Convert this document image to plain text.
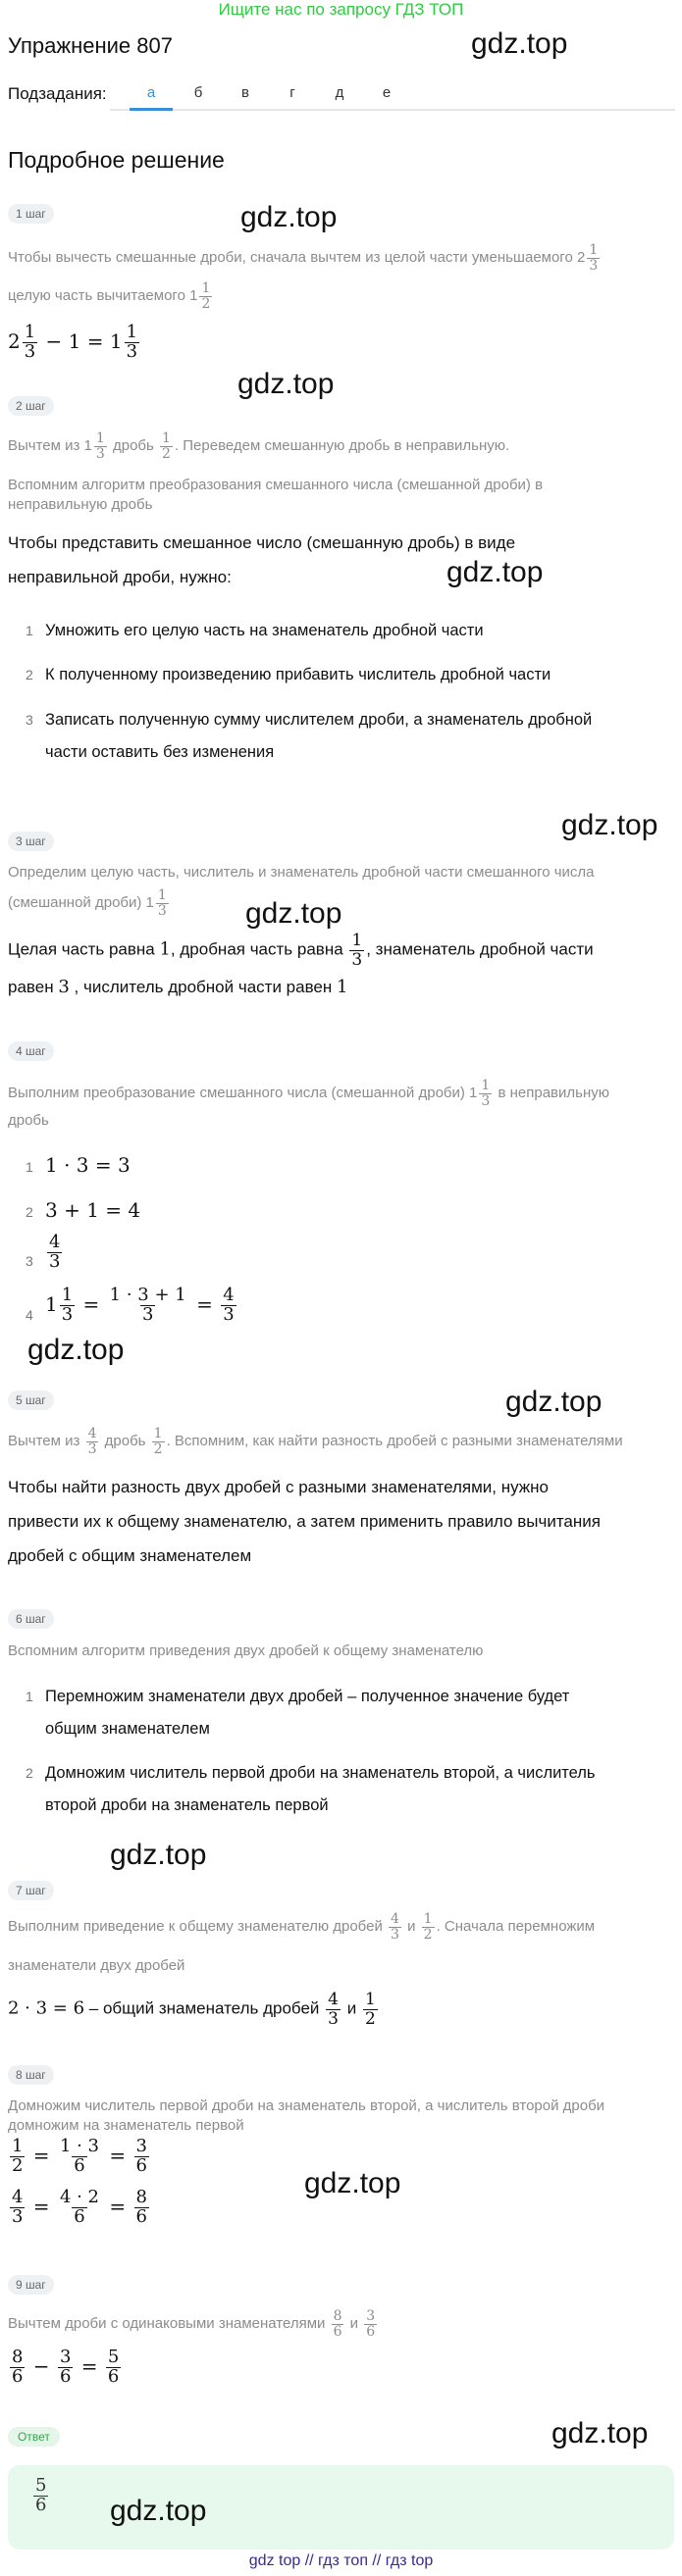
Ищите нас по запросу ГДЗ ТОП
Упражнение 807	gdz.top
Подзадания:	а	б	в	г	д	е
Подробное решение
1 шаг	gdz.top
Чтобы вычесть смешанные дроби, сначала вычтем из целой части уменьшаемого $2 \frac{1}{3}$
целую часть вычитаемого $1 \frac{1}{2}$
$2 \frac{1}{3} - 1 = 1 \frac{1}{3}$
gdz.top
2 шаг
Вычтем из $1 \frac{1}{3}$ дробь $\frac{1}{2}$ . Переведем смешанную дробь в неправильную.
Вспомним алгоритм преобразования смешанного числа (смешанной дроби) в
неправильную дробь
Чтобы представить смешанное число (смешанную дробь) в виде
неправильной дроби, нужно:	gdz.top
1 Умножить его целую часть на знаменатель дробной части
2 К полученному произведению прибавить числитель дробной части
3 Записать полученную сумму числителем дроби, а знаменатель дробной
части оставить без изменения
gdz.top
3 шаг
Определим целую часть, числитель и знаменатель дробной части смешанного числа
(смешанной дроби) $1 \frac{1}{3}$	gdz.top
Целая часть равна 1, дробная часть равна $\frac{1}{3}$ , знаменатель дробной части
равен 3 , числитель дробной части равен 1
4 шаг
Выполним преобразование смешанного числа (смешанной дроби) $1 \frac{1}{3}$ в неправильную
дробь
1 1 · 3 = 3
2 3 + 1 = 4
$3 \frac{4}{3}$
4 $1 \frac{1}{3} = \frac{1 \cdot 3 + 1}{3} = \frac{4}{3}$
gdz.top
gdz.top
5 шаг
Вычтем из $\frac{4}{3}$ дробь $\frac{1}{2}$ . Вспомним, как найти разность дробей с разными знаменателями
Чтобы найти разность двух дробей с разными знаменателями, нужно
привести их к общему знаменателю, а затем применить правило вычитания
дробей с общим знаменателем
6 шаг
Вспомним алгоритм приведения двух дробей к общему знаменателю
1 Перемножим знаменатели двух дробей – полученное значение будет
общим знаменателем
2 Домножим числитель первой дроби на знаменатель второй, а числитель
второй дроби на знаменатель первой
gdz.top
7 шаг
Выполним приведение к общему знаменателю дробей $\frac{4}{3}$ и $\frac{1}{2}$ . Сначала перемножим
знаменатели двух дробей
2 · 3 = 6 – общий знаменатель дробей $\frac{4}{3}$ и $\frac{1}{2}$
8 шаг
Домножим числитель первой дроби на знаменатель второй, а числитель второй дроби
домножим на знаменатель первой
$\frac{1}{2} = \frac{1 \cdot 3}{6} = \frac{3}{6}$
$\frac{4}{3} = \frac{4 \cdot 2}{6} = \frac{8}{6}$
gdz.top
9 шаг
Вычтем дроби с одинаковыми знаменателями $\frac{8}{6}$ и $\frac{3}{6}$
$\frac{8}{6} - \frac{3}{6} = \frac{5}{6}$
Ответ	gdz.top
$\frac{5}{6} gdz.top$
gdz top // гдз топ // гдз top
